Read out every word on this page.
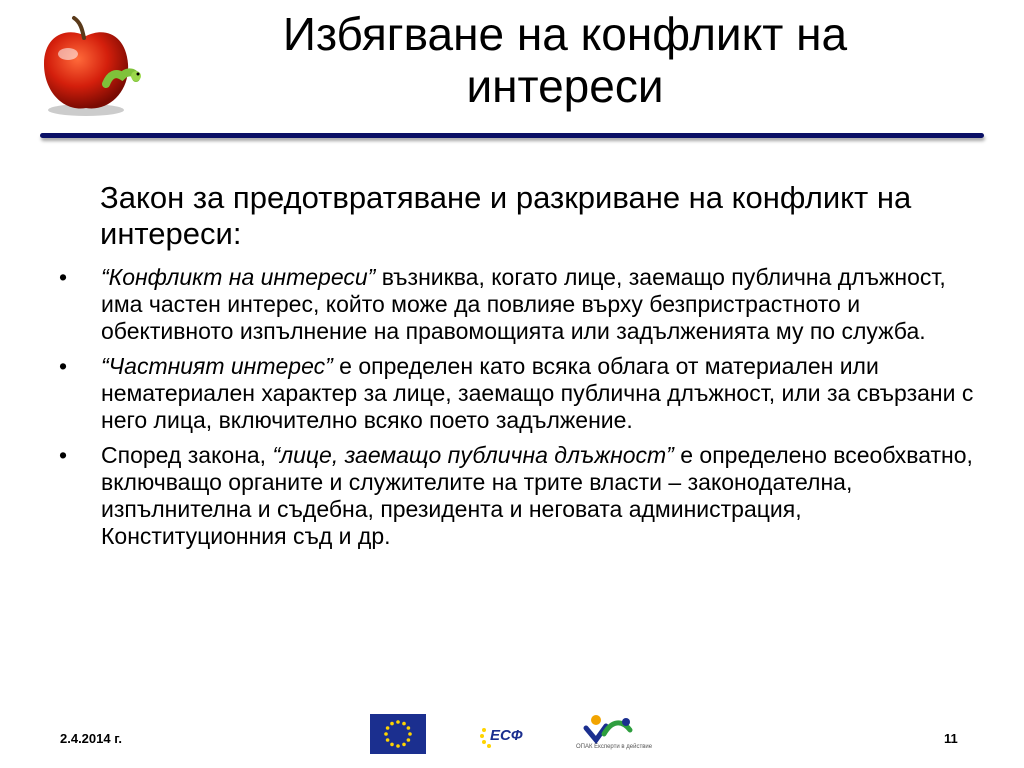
Избягване на конфликт на
интереси
Закон за предотвратяване и разкриване на конфликт на интереси:
• “Конфликт на интереси” възниква, когато лице, заемащо публична длъжност, има частен интерес, който може да повлияе върху безпристрастното и обективното изпълнение на правомощията или задълженията му по служба.
• “Частният интерес” е определен като всяка облага от материален или нематериален характер за лице, заемащо публична длъжност, или за свързани с него лица, включително всяко поето задължение.
• Според закона, “лице, заемащо публична длъжност” е определено всеобхватно, включващо органите и служителите на трите власти – законодателна, изпълнителна и съдебна, президента и неговата администрация, Конституционния съд и др.
2.4.2014 г.	ЕСФ
ОПАК Експерти в действие
11
